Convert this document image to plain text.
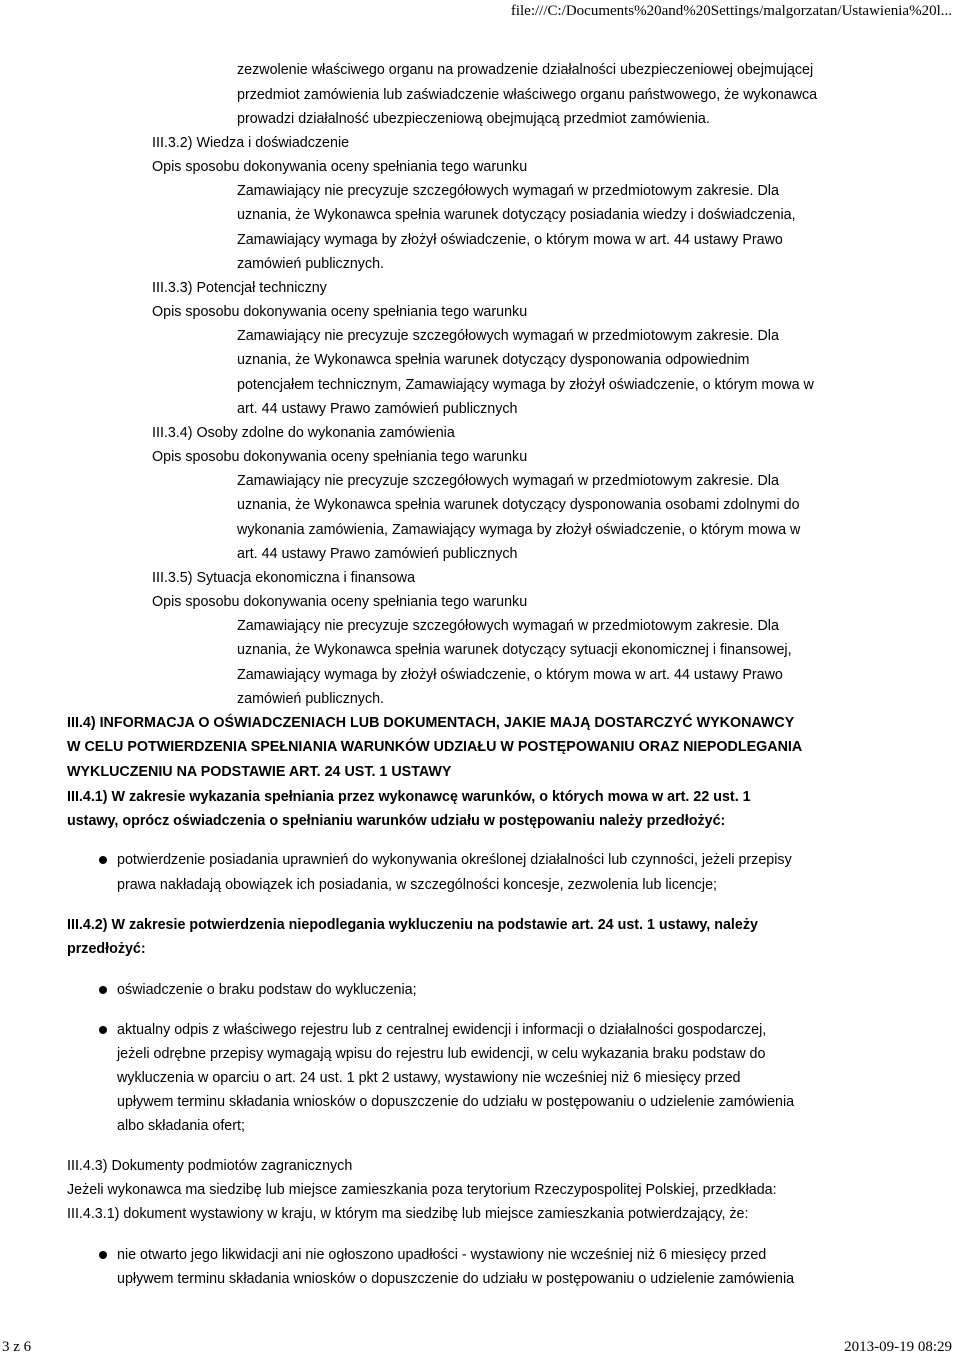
file:///C:/Documents%20and%20Settings/malgorzatan/Ustawienia%20l...
zezwolenie właściwego organu na prowadzenie działalności ubezpieczeniowej obejmującej
przedmiot zamówienia lub zaświadczenie właściwego organu państwowego, że wykonawca
prowadzi działalność ubezpieczeniową obejmującą przedmiot zamówienia.
III.3.2) Wiedza i doświadczenie
Opis sposobu dokonywania oceny spełniania tego warunku
Zamawiający nie precyzuje szczegółowych wymagań w przedmiotowym zakresie. Dla
uznania, że Wykonawca spełnia warunek dotyczący posiadania wiedzy i doświadczenia,
Zamawiający wymaga by złożył oświadczenie, o którym mowa w art. 44 ustawy Prawo
zamówień publicznych.
III.3.3) Potencjał techniczny
Opis sposobu dokonywania oceny spełniania tego warunku
Zamawiający nie precyzuje szczegółowych wymagań w przedmiotowym zakresie. Dla
uznania, że Wykonawca spełnia warunek dotyczący dysponowania odpowiednim
potencjałem technicznym, Zamawiający wymaga by złożył oświadczenie, o którym mowa w
art. 44 ustawy Prawo zamówień publicznych
III.3.4) Osoby zdolne do wykonania zamówienia
Opis sposobu dokonywania oceny spełniania tego warunku
Zamawiający nie precyzuje szczegółowych wymagań w przedmiotowym zakresie. Dla
uznania, że Wykonawca spełnia warunek dotyczący dysponowania osobami zdolnymi do
wykonania zamówienia, Zamawiający wymaga by złożył oświadczenie, o którym mowa w
art. 44 ustawy Prawo zamówień publicznych
III.3.5) Sytuacja ekonomiczna i finansowa
Opis sposobu dokonywania oceny spełniania tego warunku
Zamawiający nie precyzuje szczegółowych wymagań w przedmiotowym zakresie. Dla
uznania, że Wykonawca spełnia warunek dotyczący sytuacji ekonomicznej i finansowej,
Zamawiający wymaga by złożył oświadczenie, o którym mowa w art. 44 ustawy Prawo
zamówień publicznych.
III.4) INFORMACJA O OŚWIADCZENIACH LUB DOKUMENTACH, JAKIE MAJĄ DOSTARCZYĆ WYKONAWCY
W CELU POTWIERDZENIA SPEŁNIANIA WARUNKÓW UDZIAŁU W POSTĘPOWANIU ORAZ NIEPODLEGANIA
WYKLUCZENIU NA PODSTAWIE ART. 24 UST. 1 USTAWY
III.4.1) W zakresie wykazania spełniania przez wykonawcę warunków, o których mowa w art. 22 ust. 1
ustawy, oprócz oświadczenia o spełnianiu warunków udziału w postępowaniu należy przedłożyć:
potwierdzenie posiadania uprawnień do wykonywania określonej działalności lub czynności, jeżeli przepisy
prawa nakładają obowiązek ich posiadania, w szczególności koncesje, zezwolenia lub licencje;
III.4.2) W zakresie potwierdzenia niepodlegania wykluczeniu na podstawie art. 24 ust. 1 ustawy, należy
przedłożyć:
oświadczenie o braku podstaw do wykluczenia;
aktualny odpis z właściwego rejestru lub z centralnej ewidencji i informacji o działalności gospodarczej,
jeżeli odrębne przepisy wymagają wpisu do rejestru lub ewidencji, w celu wykazania braku podstaw do
wykluczenia w oparciu o art. 24 ust. 1 pkt 2 ustawy, wystawiony nie wcześniej niż 6 miesięcy przed
upływem terminu składania wniosków o dopuszczenie do udziału w postępowaniu o udzielenie zamówienia
albo składania ofert;
III.4.3) Dokumenty podmiotów zagranicznych
Jeżeli wykonawca ma siedzibę lub miejsce zamieszkania poza terytorium Rzeczypospolitej Polskiej, przedkłada:
III.4.3.1) dokument wystawiony w kraju, w którym ma siedzibę lub miejsce zamieszkania potwierdzający, że:
nie otwarto jego likwidacji ani nie ogłoszono upadłości - wystawiony nie wcześniej niż 6 miesięcy przed
upływem terminu składania wniosków o dopuszczenie do udziału w postępowaniu o udzielenie zamówienia
3 z 6	2013-09-19 08:29
